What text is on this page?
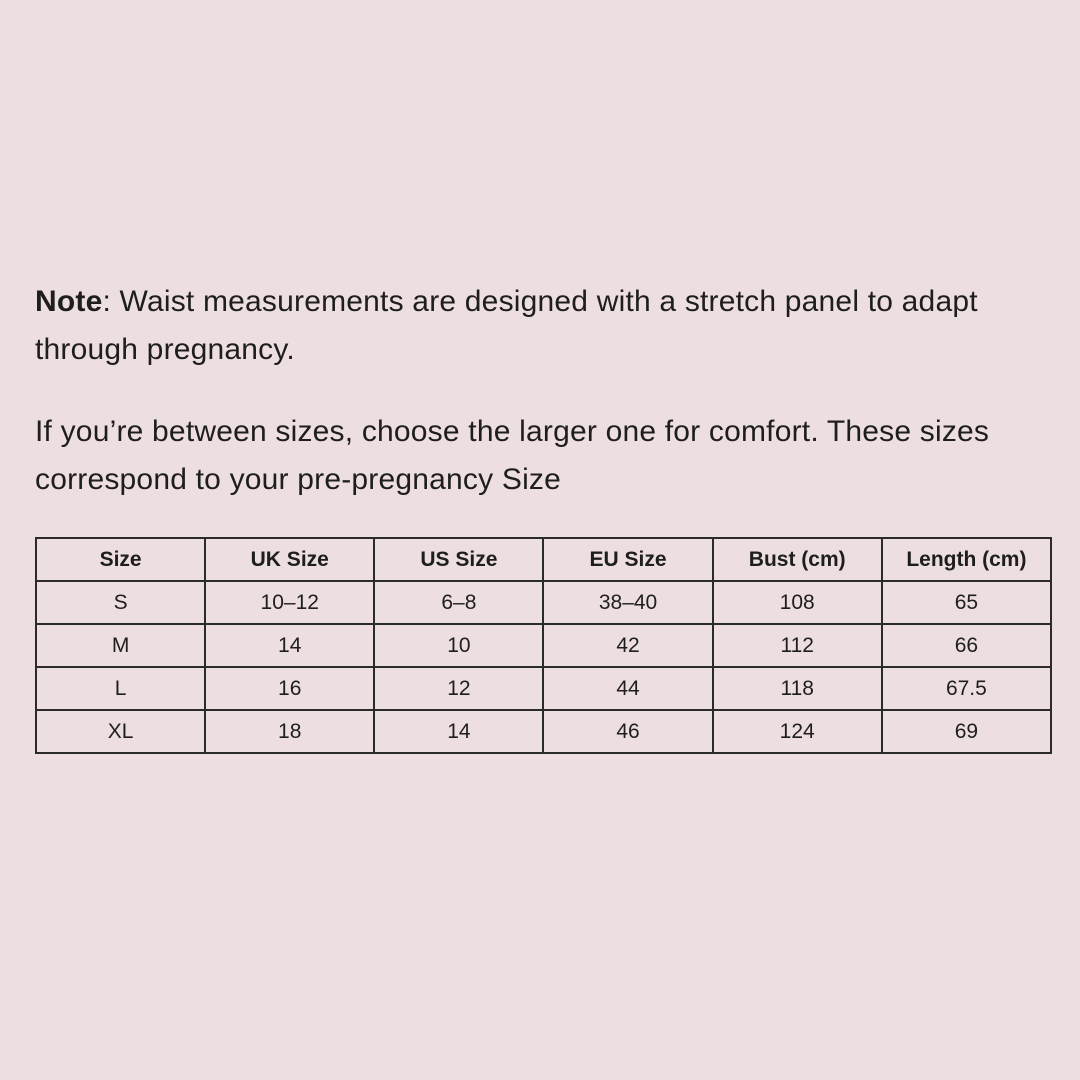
Note: Waist measurements are designed with a stretch panel to adapt through pregnancy.

If you’re between sizes, choose the larger one for comfort. These sizes correspond to your pre-pregnancy Size

Size	UK Size	US Size	EU Size	Bust (cm)	Length (cm)
S	10–12	6–8	38–40	108	65
M	14	10	42	112	66
L	16	12	44	118	67.5
XL	18	14	46	124	69
